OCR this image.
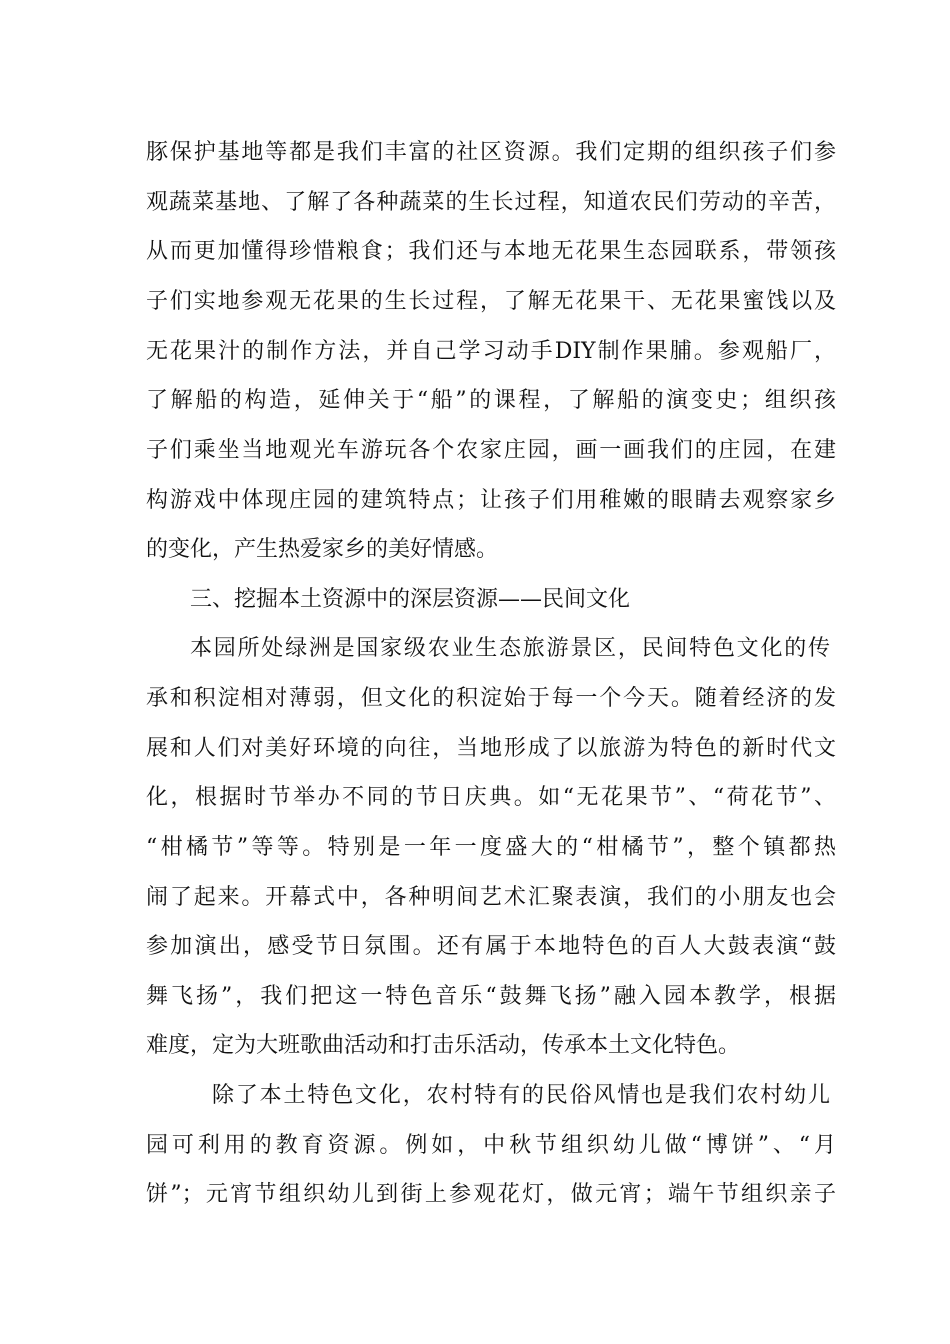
豚保护基地等都是我们丰富的社区资源。我们定期的组织孩子们参
观蔬菜基地、了解了各种蔬菜的生长过程，知道农民们劳动的辛苦，
从而更加懂得珍惜粮食；我们还与本地无花果生态园联系，带领孩
子们实地参观无花果的生长过程，了解无花果干、无花果蜜饯以及
无花果汁的制作方法，并自己学习动手DIY制作果脯。参观船厂，
了解船的构造，延伸关于“船”的课程，了解船的演变史；组织孩
子们乘坐当地观光车游玩各个农家庄园，画一画我们的庄园，在建
构游戏中体现庄园的建筑特点；让孩子们用稚嫩的眼睛去观察家乡
的变化，产生热爱家乡的美好情感。
三、挖掘本土资源中的深层资源——民间文化
本园所处绿洲是国家级农业生态旅游景区，民间特色文化的传
承和积淀相对薄弱，但文化的积淀始于每一个今天。随着经济的发
展和人们对美好环境的向往，当地形成了以旅游为特色的新时代文
化，根据时节举办不同的节日庆典。如“无花果节”、“荷花节”、
“柑橘节”等等。特别是一年一度盛大的“柑橘节”，整个镇都热
闹了起来。开幕式中，各种明间艺术汇聚表演，我们的小朋友也会
参加演出，感受节日氛围。还有属于本地特色的百人大鼓表演“鼓
舞飞扬”，我们把这一特色音乐“鼓舞飞扬”融入园本教学，根据
难度，定为大班歌曲活动和打击乐活动，传承本土文化特色。
除了本土特色文化，农村特有的民俗风情也是我们农村幼儿
园可利用的教育资源。例如，中秋节组织幼儿做“博饼”、“月
饼”；元宵节组织幼儿到街上参观花灯，做元宵；端午节组织亲子
